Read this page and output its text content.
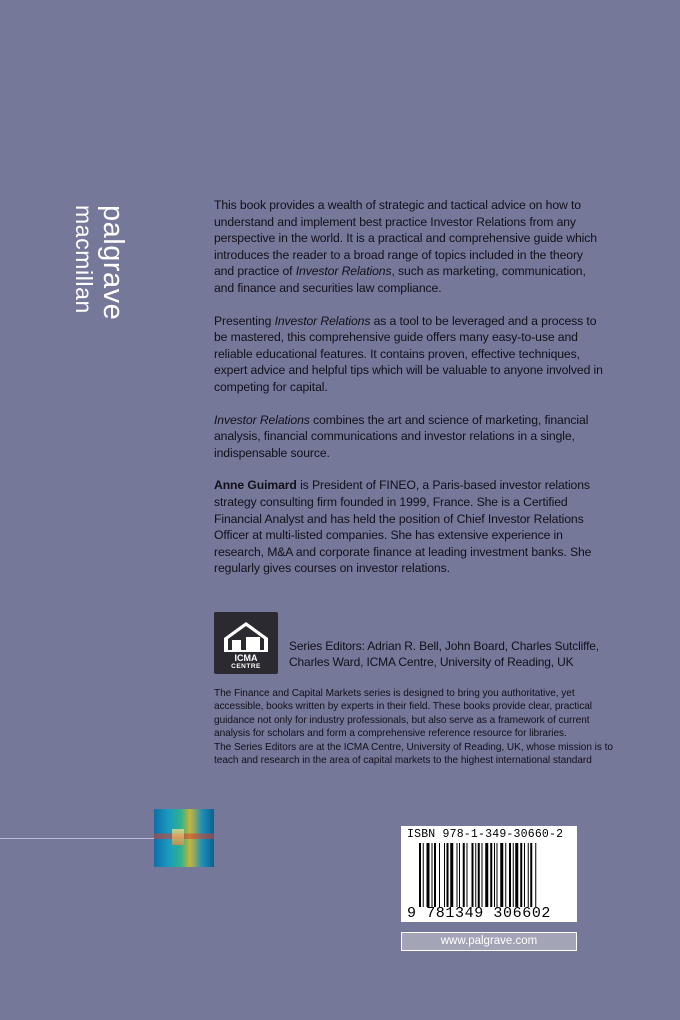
palgrave
macmillan	This book provides a wealth of strategic and tactical advice on how to understand and implement best practice Investor Relations from any perspective in the world. It is a practical and comprehensive guide which introduces the reader to a broad range of topics included in the theory and practice of Investor Relations, such as marketing, communication, and finance and securities law compliance.

Presenting Investor Relations as a tool to be leveraged and a process to be mastered, this comprehensive guide offers many easy-to-use and reliable educational features. It contains proven, effective techniques, expert advice and helpful tips which will be valuable to anyone involved in competing for capital.

Investor Relations combines the art and science of marketing, financial analysis, financial communications and investor relations in a single, indispensable source.

Anne Guimard is President of FINEO, a Paris-based investor relations strategy consulting firm founded in 1999, France. She is a Certified Financial Analyst and has held the position of Chief Investor Relations Officer at multi-listed companies. She has extensive experience in research, M&A and corporate finance at leading investment banks. She regularly gives courses on investor relations.

ICMA
CENTRE
Series Editors: Adrian R. Bell, John Board, Charles Sutcliffe, Charles Ward, ICMA Centre, University of Reading, UK

The Finance and Capital Markets series is designed to bring you authoritative, yet accessible, books written by experts in their field. These books provide clear, practical guidance not only for industry professionals, but also serve as a framework of current analysis for scholars and form a comprehensive reference resource for libraries.

The Series Editors are at the ICMA Centre, University of Reading, UK, whose mission is to teach and research in the area of capital markets to the highest international standard

ISBN 978-1-349-30660-2
9 781349 306602
www.palgrave.com
